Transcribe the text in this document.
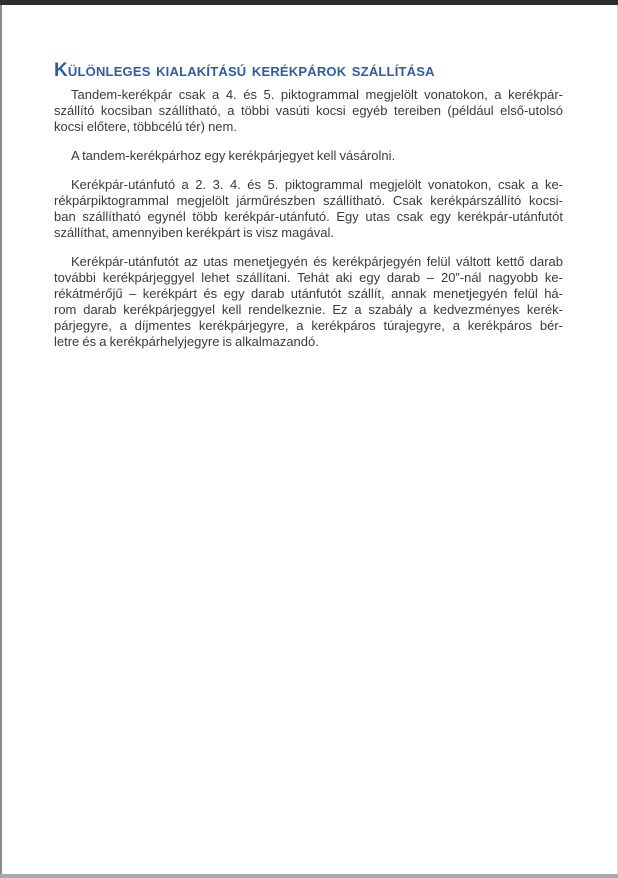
Különleges kialakítású kerékpárok szállítása
Tandem-kerékpár csak a 4. és 5. piktogrammal megjelölt vonatokon, a kerékpár-
szállító kocsiban szállítható, a többi vasúti kocsi egyéb tereiben (például első-utolsó
kocsi előtere, többcélú tér) nem.
A tandem-kerékpárhoz egy kerékpárjegyet kell vásárolni.
Kerékpár-utánfutó a 2. 3. 4. és 5. piktogrammal megjelölt vonatokon, csak a ke-
rékpárpiktogrammal megjelölt járműrészben szállítható. Csak kerékpárszállító kocsi-
ban szállítható egynél több kerékpár-utánfutó. Egy utas csak egy kerékpár-utánfutót
szállíthat, amennyiben kerékpárt is visz magával.
Kerékpár-utánfutót az utas menetjegyén és kerékpárjegyén felül váltott kettő darab
további kerékpárjeggyel lehet szállítani. Tehát aki egy darab – 20”-nál nagyobb ke-
rékátmérőjű – kerékpárt és egy darab utánfutót szállít, annak menetjegyén felül há-
rom darab kerékpárjeggyel kell rendelkeznie. Ez a szabály a kedvezményes kerék-
párjegyre, a díjmentes kerékpárjegyre, a kerékpáros túrajegyre, a kerékpáros bér-
letre és a kerékpárhelyjegyre is alkalmazandó.
